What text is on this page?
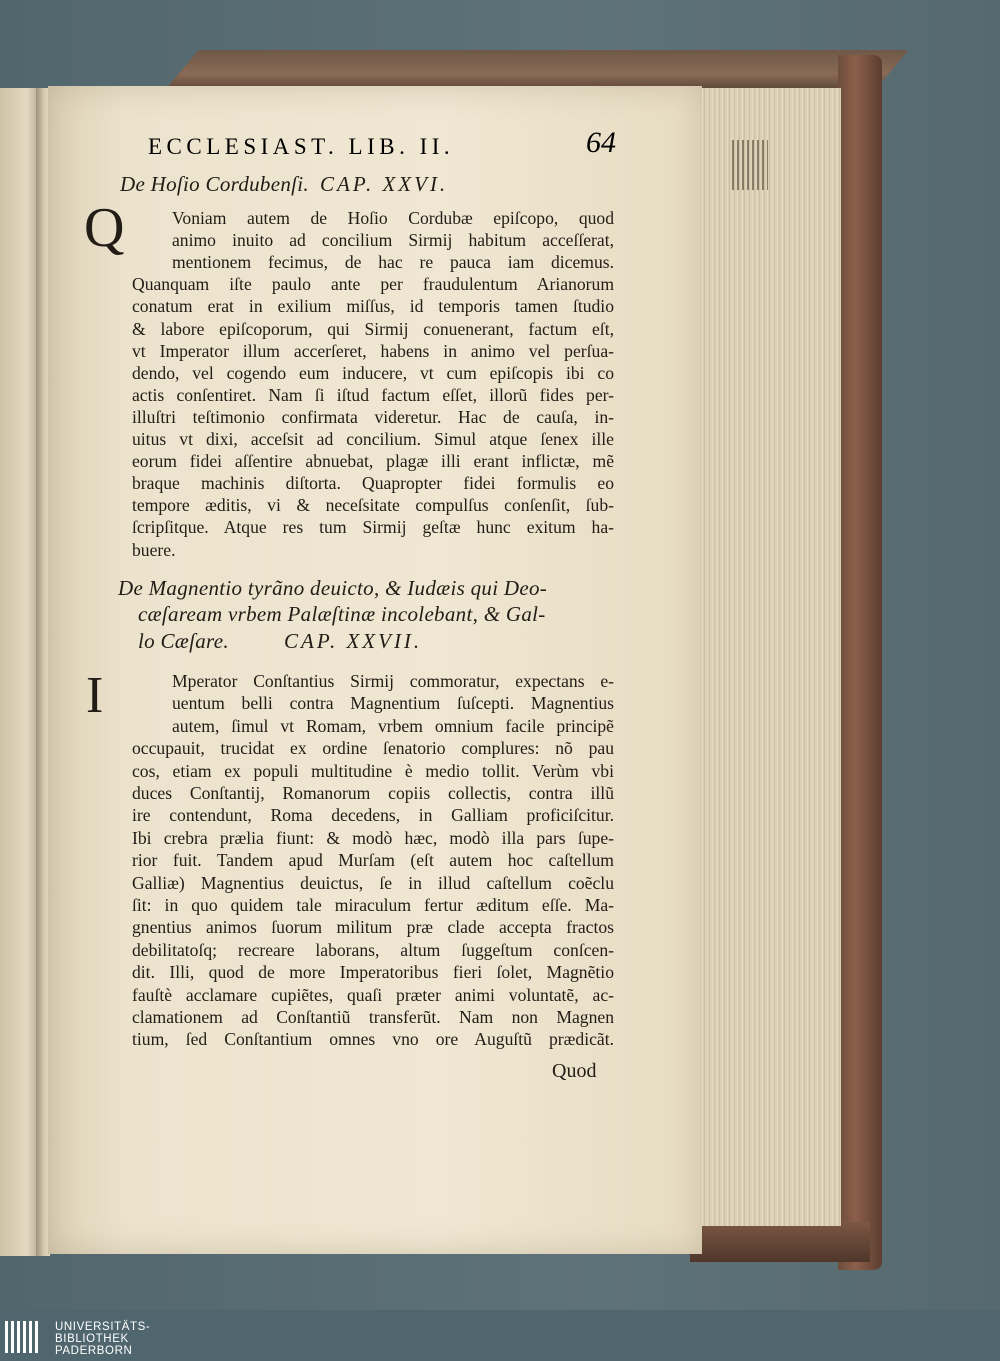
ECCLESIAST. LIB. II.	64
De Hoſio Cordubenſi. CAP. XXVI.
Q	Voniam autem de Hoſio Cordubæ epiſcopo, quod
animo inuito ad concilium Sirmij habitum acceſſerat,
mentionem fecimus, de hac re pauca iam dicemus.
Quanquam iſte paulo ante per fraudulentum Arianorum
conatum erat in exilium miſſus, id temporis tamen ſtudio
& labore epiſcoporum, qui Sirmij conuenerant, factum eſt,
vt Imperator illum accerſeret, habens in animo vel perſua-
dendo, vel cogendo eum inducere, vt cum epiſcopis ibi co
actis conſentiret. Nam ſi iſtud factum eſſet, illorũ fides per-
illuſtri teſtimonio confirmata videretur. Hac de cauſa, in-
uitus vt dixi, acceſsit ad concilium. Simul atque ſenex ille
eorum fidei aſſentire abnuebat, plagæ illi erant inflictæ, mẽ
braque machinis diſtorta. Quapropter fidei formulis eo
tempore æditis, vi & neceſsitate compulſus conſenſit, ſub-
ſcripſitque. Atque res tum Sirmij geſtæ hunc exitum ha-
buere.
De Magnentio tyrãno deuicto, & Iudæis qui Deo-
cæſaream vrbem Palæſtinæ incolebant, & Gal-
lo Cæſare.	CAP. XXVII.
I	Mperator Conſtantius Sirmij commoratur, expectans e-
uentum belli contra Magnentium ſuſcepti. Magnentius
autem, ſimul vt Romam, vrbem omnium facile principẽ
occupauit, trucidat ex ordine ſenatorio complures: nõ pau
cos, etiam ex populi multitudine è medio tollit. Verùm vbi
duces Conſtantij, Romanorum copiis collectis, contra illũ
ire contendunt, Roma decedens, in Galliam proficiſcitur.
Ibi crebra prælia fiunt: & modò hæc, modò illa pars ſupe-
rior fuit. Tandem apud Murſam (eſt autem hoc caſtellum
Galliæ) Magnentius deuictus, ſe in illud caſtellum coẽclu
ſit: in quo quidem tale miraculum fertur æditum eſſe. Ma-
gnentius animos ſuorum militum præ clade accepta fractos
debilitatoſq; recreare laborans, altum ſuggeſtum conſcen-
dit. Illi, quod de more Imperatoribus fieri ſolet, Magnẽtio
fauſtè acclamare cupiẽtes, quaſi præter animi voluntatẽ, ac-
clamationem ad Conſtantiũ transferũt. Nam non Magnen
tium, ſed Conſtantium omnes vno ore Auguſtũ prædicãt.
Quod
UNIVERSITÄTS-
BIBLIOTHEK
PADERBORN
